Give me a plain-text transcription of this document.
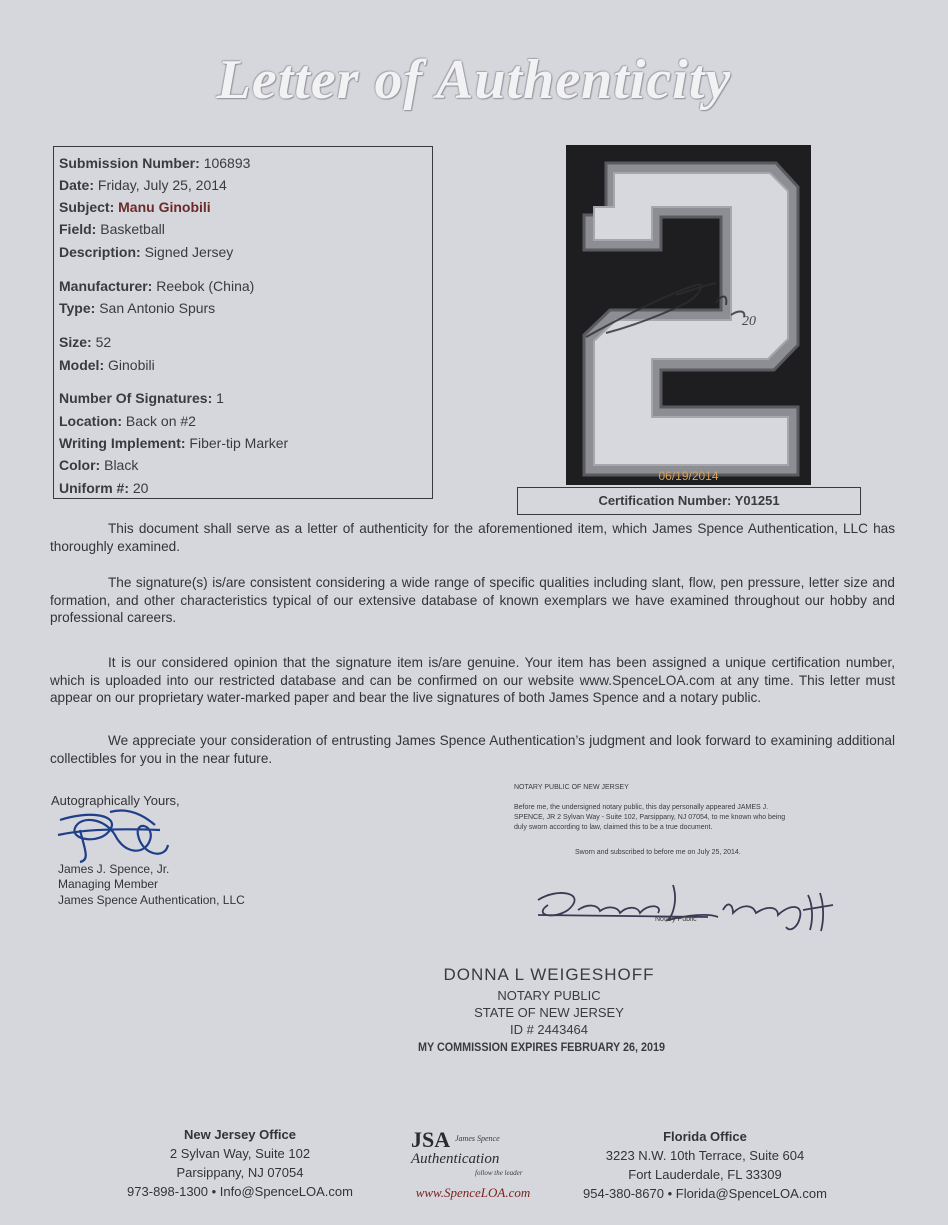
Letter of Authenticity
Submission Number: 106893
Date: Friday, July 25, 2014
Subject: Manu Ginobili
Field: Basketball
Description: Signed Jersey
Manufacturer: Reebok (China)
Type: San Antonio Spurs
Size: 52
Model: Ginobili
Number Of Signatures: 1
Location: Back on #2
Writing Implement: Fiber-tip Marker
Color: Black
Uniform #: 20
20
06/19/2014
Certification Number: Y01251
This document shall serve as a letter of authenticity for the aforementioned item, which James Spence Authentication, LLC has thoroughly examined.
The signature(s) is/are consistent considering a wide range of specific qualities including slant, flow, pen pressure, letter size and formation, and other characteristics typical of our extensive database of known exemplars we have examined throughout our hobby and professional careers.
It is our considered opinion that the signature item is/are genuine. Your item has been assigned a unique certification number, which is uploaded into our restricted database and can be confirmed on our website www.SpenceLOA.com at any time. This letter must appear on our proprietary water-marked paper and bear the live signatures of both James Spence and a notary public.
We appreciate your consideration of entrusting James Spence Authentication’s judgment and look forward to examining additional collectibles for you in the near future.
Autographically Yours,
James J. Spence, Jr.
Managing Member
James Spence Authentication, LLC
NOTARY PUBLIC OF NEW JERSEY
Before me, the undersigned notary public, this day personally appeared JAMES J. SPENCE, JR 2 Sylvan Way - Suite 102, Parsippany, NJ 07054, to me known who being duly sworn according to law, claimed this to be a true document.
Sworn and subscribed to before me on July 25, 2014.
Notary Public
DONNA L WEIGESHOFF
NOTARY PUBLIC
STATE OF NEW JERSEY
ID # 2443464
MY COMMISSION EXPIRES FEBRUARY 26, 2019
New Jersey Office
2 Sylvan Way, Suite 102
Parsippany, NJ 07054
973-898-1300 • Info@SpenceLOA.com
JSA James Spence
Authentication
follow the leader
www.SpenceLOA.com
Florida Office
3223 N.W. 10th Terrace, Suite 604
Fort Lauderdale, FL 33309
954-380-8670 • Florida@SpenceLOA.com
